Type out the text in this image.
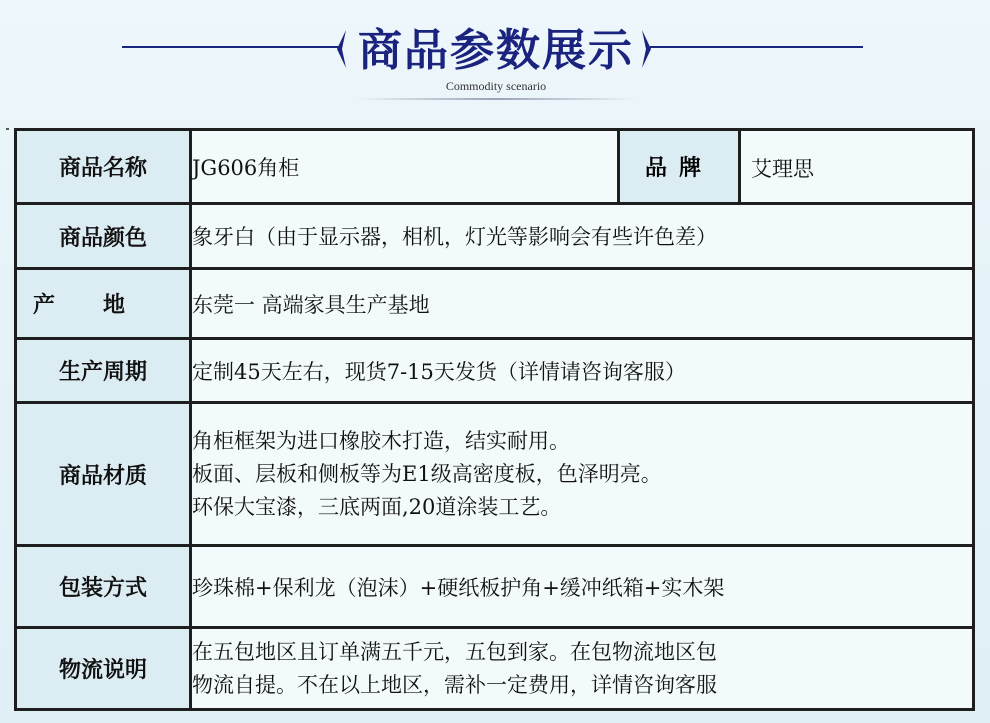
商品参数展示
Commodity scenario
商品名称	JG606角柜	品牌	艾理思
商品颜色	象牙白（由于显示器，相机，灯光等影响会有些许色差）		
产地	东莞一 高端家具生产基地		
生产周期	定制45天左右，现货7-15天发货（详情请咨询客服）		
商品材质	角柜框架为进口橡胶木打造，结实耐用。
板面、层板和侧板等为E1级高密度板，色泽明亮。
环保大宝漆，三底两面,20道涂装工艺。		

包装方式	珍珠棉+保利龙（泡沫）+硬纸板护角+缓冲纸箱+实木架		
物流说明	在五包地区且订单满五千元，五包到家。在包物流地区包
物流自提。不在以上地区，需补一定费用，详情咨询客服		
